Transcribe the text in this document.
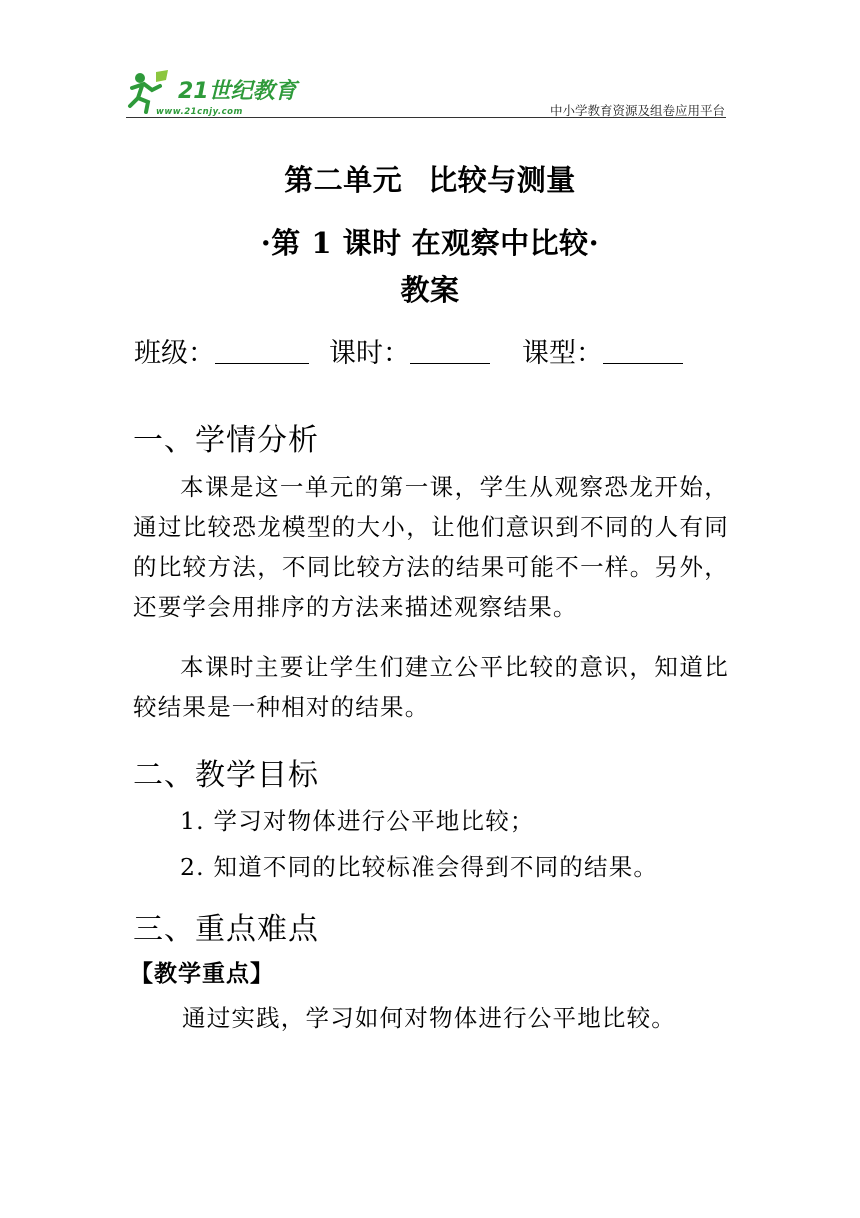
21世纪教育
www.21cnjy.com	中小学教育资源及组卷应用平台
第二单元 比较与测量
·第 1 课时 在观察中比较·
教案
班级：	课时：	课型：
一、学情分析
本课是这一单元的第一课，学生从观察恐龙开始，通过比较恐龙模型的大小，让他们意识到不同的人有同的比较方法，不同比较方法的结果可能不一样。另外，还要学会用排序的方法来描述观察结果。
本课时主要让学生们建立公平比较的意识，知道比较结果是一种相对的结果。
二、教学目标
1. 学习对物体进行公平地比较；
2. 知道不同的比较标准会得到不同的结果。
三、重点难点
【教学重点】
通过实践，学习如何对物体进行公平地比较。
